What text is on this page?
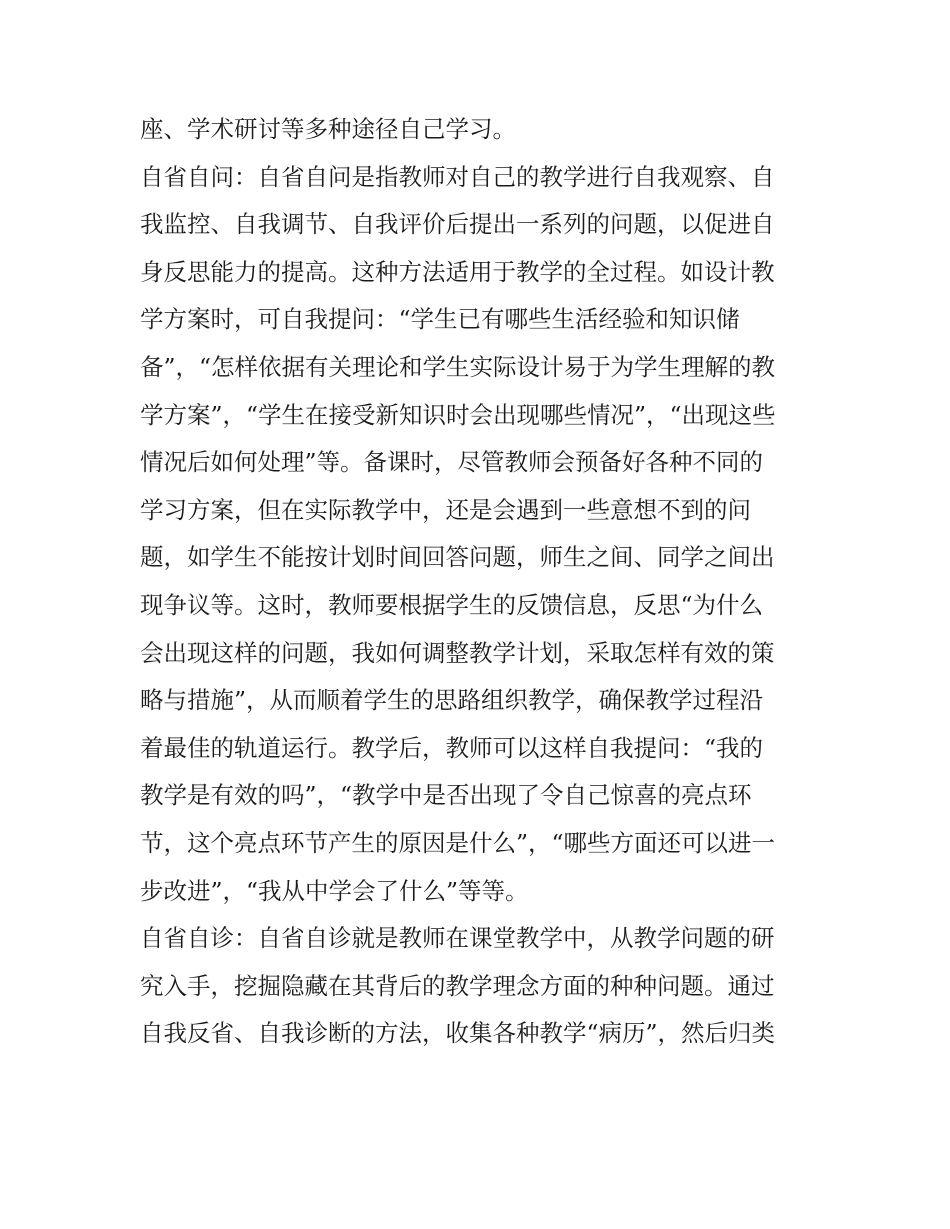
座、学术研讨等多种途径自己学习。
自省自问：自省自问是指教师对自己的教学进行自我观察、自
我监控、自我调节、自我评价后提出一系列的问题，以促进自
身反思能力的提高。这种方法适用于教学的全过程。如设计教
学方案时，可自我提问：“学生已有哪些生活经验和知识储
备”，“怎样依据有关理论和学生实际设计易于为学生理解的教
学方案”，“学生在接受新知识时会出现哪些情况”，“出现这些
情况后如何处理”等。备课时，尽管教师会预备好各种不同的
学习方案，但在实际教学中，还是会遇到一些意想不到的问
题，如学生不能按计划时间回答问题，师生之间、同学之间出
现争议等。这时，教师要根据学生的反馈信息，反思“为什么
会出现这样的问题，我如何调整教学计划，采取怎样有效的策
略与措施”，从而顺着学生的思路组织教学，确保教学过程沿
着最佳的轨道运行。教学后，教师可以这样自我提问：“我的
教学是有效的吗”，“教学中是否出现了令自己惊喜的亮点环
节，这个亮点环节产生的原因是什么”，“哪些方面还可以进一
步改进”，“我从中学会了什么”等等。
自省自诊：自省自诊就是教师在课堂教学中，从教学问题的研
究入手，挖掘隐藏在其背后的教学理念方面的种种问题。通过
自我反省、自我诊断的方法，收集各种教学“病历”，然后归类
